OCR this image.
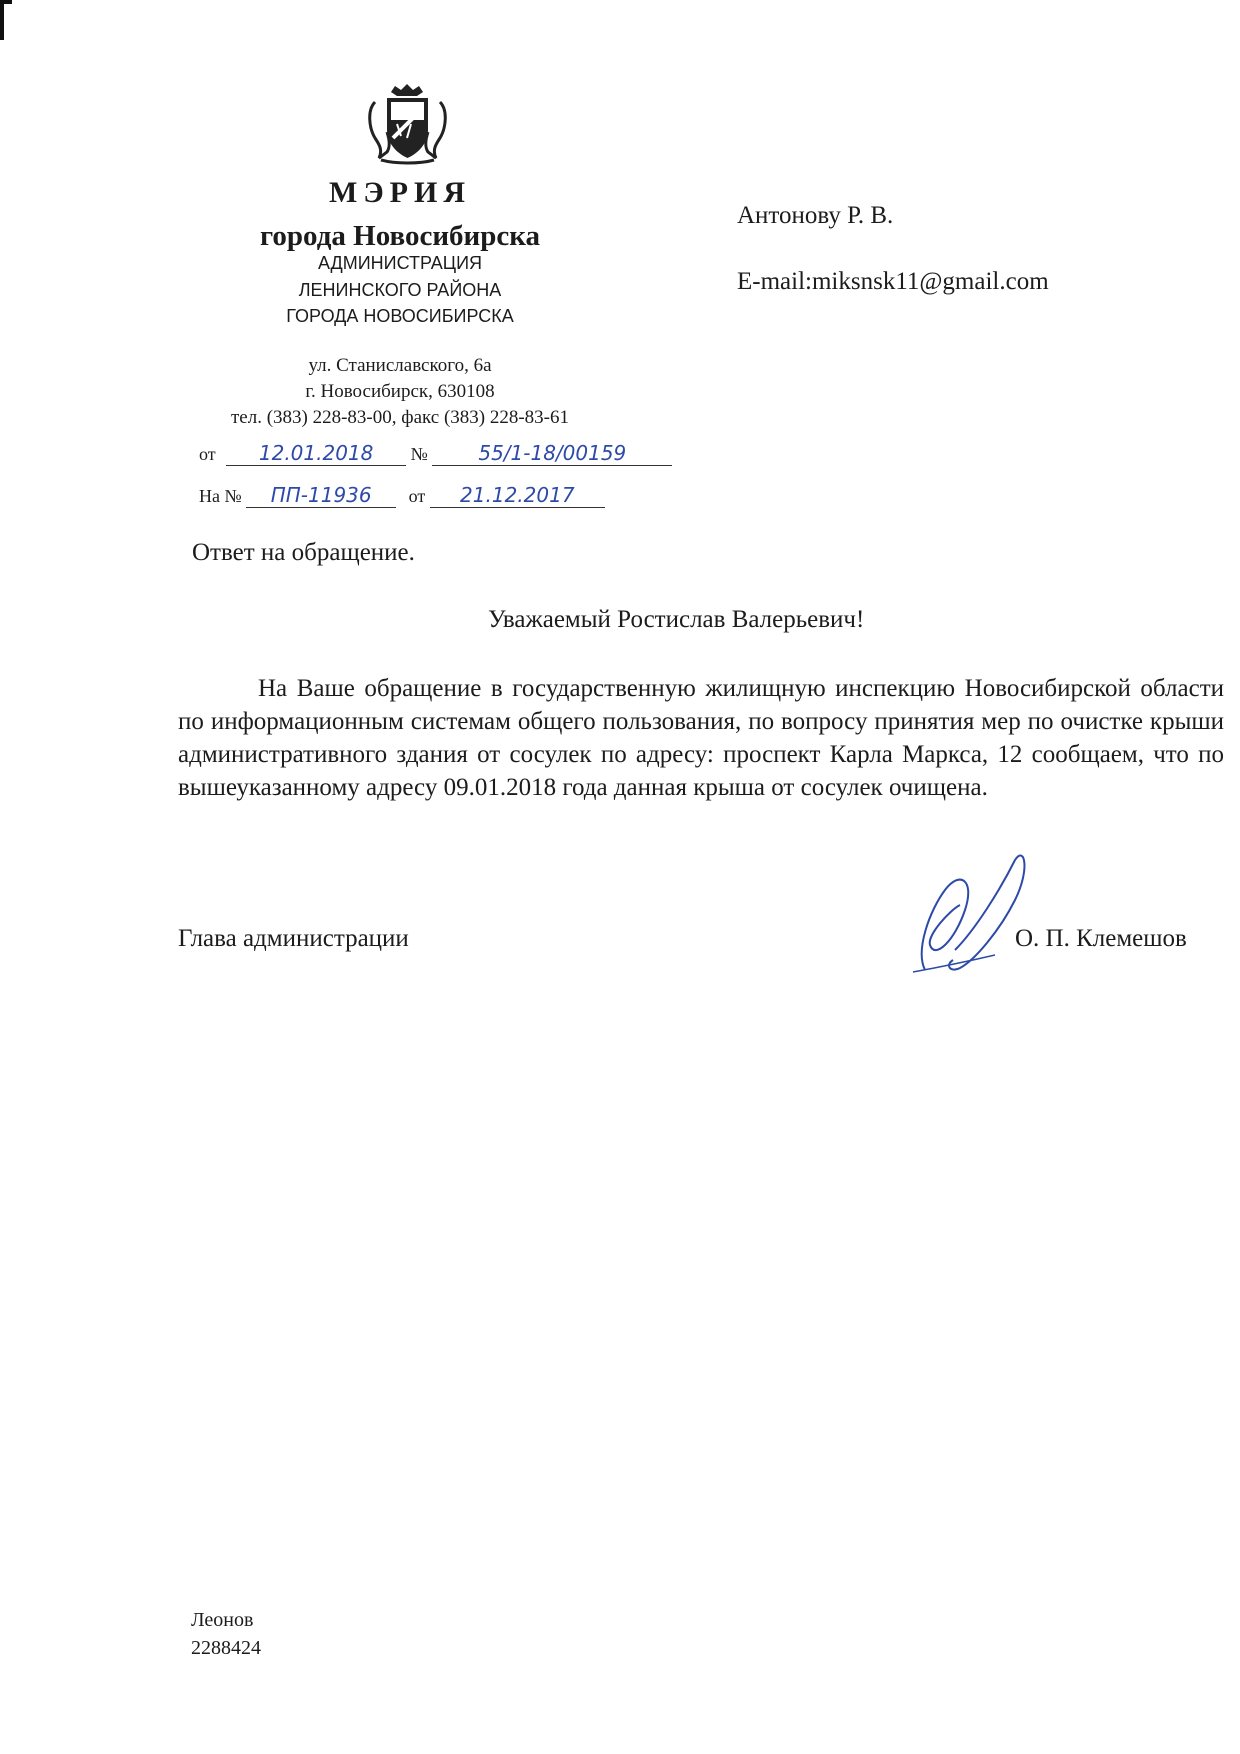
МЭРИЯ
города Новосибирска
АДМИНИСТРАЦИЯ
ЛЕНИНСКОГО РАЙОНА
ГОРОДА НОВОСИБИРСКА
ул. Станиславского, 6а
г. Новосибирск, 630108
тел. (383) 228-83-00, факс (383) 228-83-61
от 12.01.2018 №	55/1-18/00159
На № ПП-11936 от 21.12.2017
Антонову Р. В.
E-mail:miksnsk11@gmail.com
Ответ на обращение.
Уважаемый Ростислав Валерьевич!
На Ваше обращение в государственную жилищную инспекцию Новосибирской области по информационным системам общего пользования, по вопросу принятия мер по очистке крыши административного здания от сосулек по адресу: проспект Карла Маркса, 12 сообщаем, что по вышеуказанному адресу 09.01.2018 года данная крыша от сосулек очищена.
Глава администрации	О. П. Клемешов
Леонов
2288424
